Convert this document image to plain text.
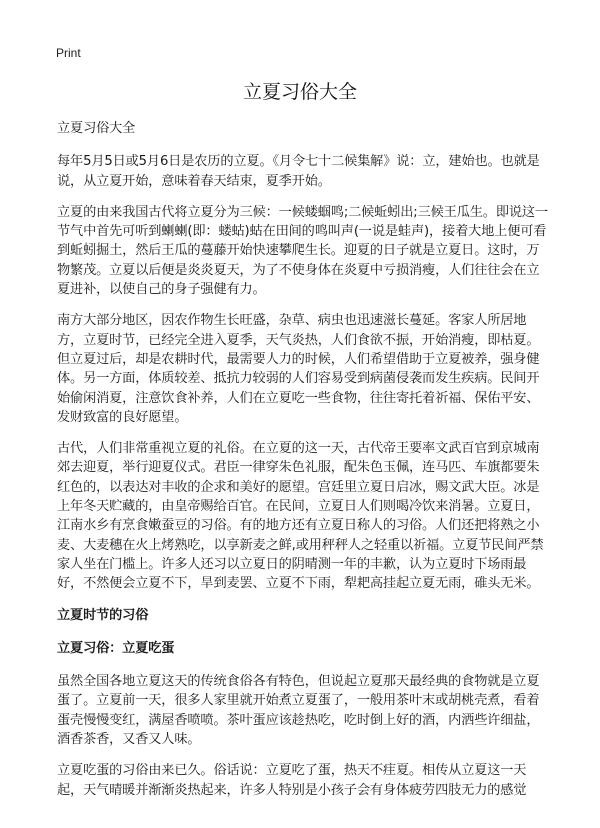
Print
立夏习俗大全

立夏习俗大全

每年5月5日或5月6日是农历的立夏。《月令七十二候集解》说：立，建始也。也就是说，从立夏开始，意味着春天结束，夏季开始。

立夏的由来我国古代将立夏分为三候：一候蝼蝈鸣;二候蚯蚓出;三候王瓜生。即说这一节气中首先可听到蝲蝲(即：蝼蛄)蛄在田间的鸣叫声(一说是蛙声)，接着大地上便可看到蚯蚓掘土，然后王瓜的蔓藤开始快速攀爬生长。迎夏的日子就是立夏日。这时，万物繁茂。立夏以后便是炎炎夏天，为了不使身体在炎夏中亏损消瘦，人们往往会在立夏进补，以使自己的身子强健有力。

南方大部分地区，因农作物生长旺盛，杂草、病虫也迅速滋长蔓延。客家人所居地方，立夏时节，已经完全进入夏季，天气炎热，人们食欲不振，开始消瘦，即枯夏。但立夏过后，却是农耕时代，最需要人力的时候，人们希望借助于立夏被养，强身健体。另一方面，体质较差、抵抗力较弱的人们容易受到病菌侵袭而发生疾病。民间开始偷闲消夏，注意饮食补养，人们在立夏吃一些食物，往往寄托着祈福、保佑平安、发财致富的良好愿望。

古代，人们非常重视立夏的礼俗。在立夏的这一天，古代帝王要率文武百官到京城南郊去迎夏，举行迎夏仪式。君臣一律穿朱色礼服，配朱色玉佩，连马匹、车旗都要朱红色的，以表达对丰收的企求和美好的愿望。宫廷里立夏日启冰，赐文武大臣。冰是上年冬天贮藏的，由皇帝赐给百官。在民间，立夏日人们则喝冷饮来消暑。立夏日，江南水乡有烹食嫩蚕豆的习俗。有的地方还有立夏日称人的习俗。人们还把将熟之小麦、大麦穗在火上烤熟吃，以享新麦之鲜,或用秤秤人之轻重以祈福。立夏节民间严禁家人坐在门槛上。许多人还习以立夏日的阴晴测一年的丰歉，认为立夏时下场雨最好，不然便会立夏不下，旱到麦罢、立夏不下雨，犁耙高挂起立夏无雨，碓头无米。

立夏时节的习俗
立夏习俗：立夏吃蛋

虽然全国各地立夏这天的传统食俗各有特色，但说起立夏那天最经典的食物就是立夏蛋了。立夏前一天，很多人家里就开始煮立夏蛋了，一般用茶叶末或胡桃壳煮，看着蛋壳慢慢变红，满屋香喷喷。茶叶蛋应该趁热吃，吃时倒上好的酒，内洒些许细盐，酒香茶香，又香又人味。

立夏吃蛋的习俗由来已久。俗话说：立夏吃了蛋，热天不疰夏。相传从立夏这一天起，天气晴暖并渐渐炎热起来，许多人特别是小孩子会有身体疲劳四肢无力的感觉
